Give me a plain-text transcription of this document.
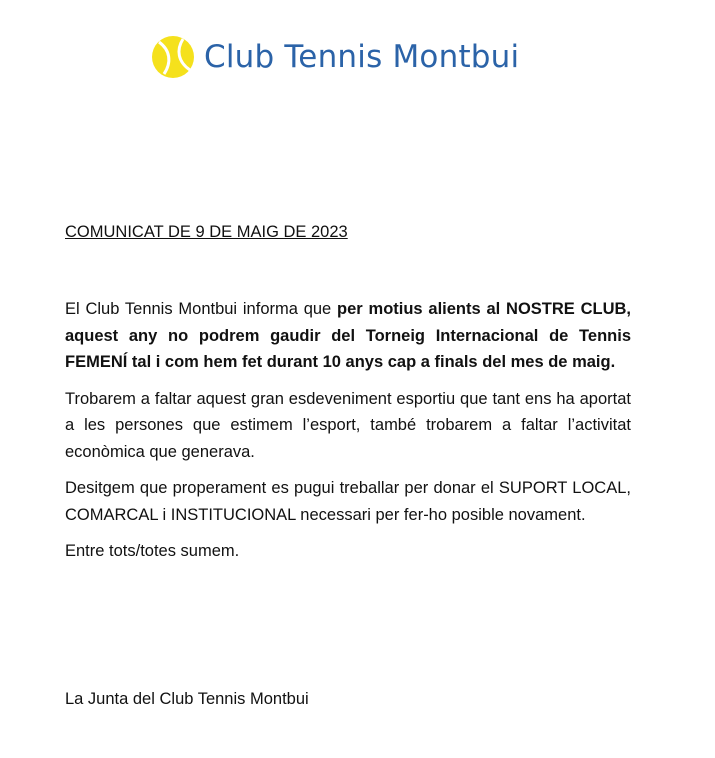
Club Tennis Montbui
COMUNICAT DE 9 DE MAIG DE 2023

El Club Tennis Montbui informa que per motius alients al NOSTRE CLUB, aquest any no podrem gaudir del Torneig Internacional de Tennis FEMENÍ tal i com hem fet durant 10 anys cap a finals del mes de maig.

Trobarem a faltar aquest gran esdeveniment esportiu que tant ens ha aportat a les persones que estimem l’esport, també trobarem a faltar l’activitat econòmica que generava.

Desitgem que properament es pugui treballar per donar el SUPORT LOCAL, COMARCAL i INSTITUCIONAL necessari per fer-ho posible novament.

Entre tots/totes sumem.

La Junta del Club Tennis Montbui
